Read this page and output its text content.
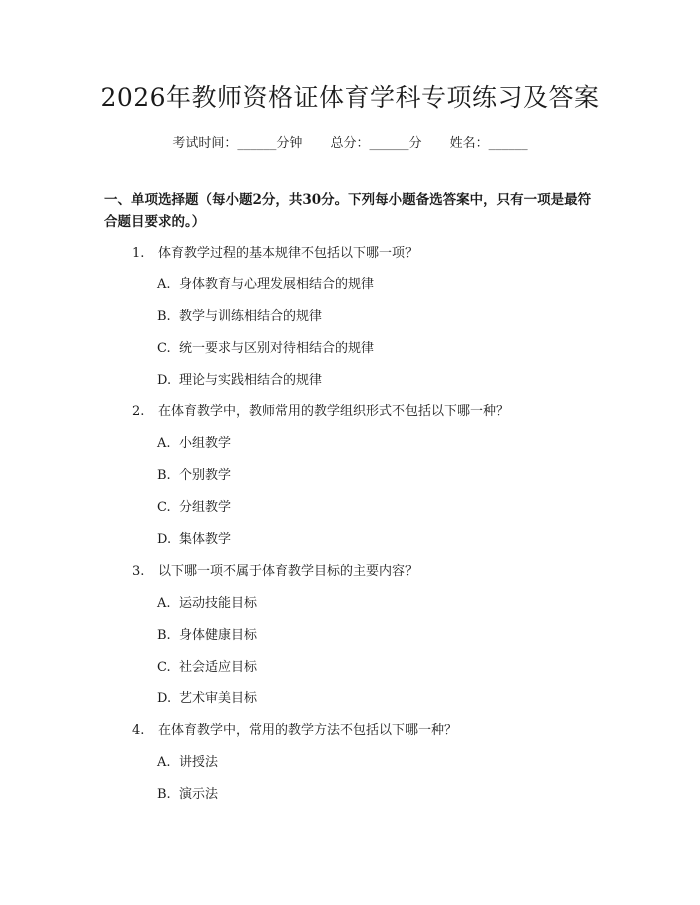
2026年教师资格证体育学科专项练习及答案
考试时间：______分钟 总分：______分 姓名：______
一、单项选择题（每小题2分，共30分。下列每小题备选答案中，只有一项是最符合题目要求的。）
1. 体育教学过程的基本规律不包括以下哪一项？
A. 身体教育与心理发展相结合的规律
B. 教学与训练相结合的规律
C. 统一要求与区别对待相结合的规律
D. 理论与实践相结合的规律
2. 在体育教学中，教师常用的教学组织形式不包括以下哪一种？
A. 小组教学
B. 个别教学
C. 分组教学
D. 集体教学
3. 以下哪一项不属于体育教学目标的主要内容？
A. 运动技能目标
B. 身体健康目标
C. 社会适应目标
D. 艺术审美目标
4. 在体育教学中，常用的教学方法不包括以下哪一种？
A. 讲授法
B. 演示法
